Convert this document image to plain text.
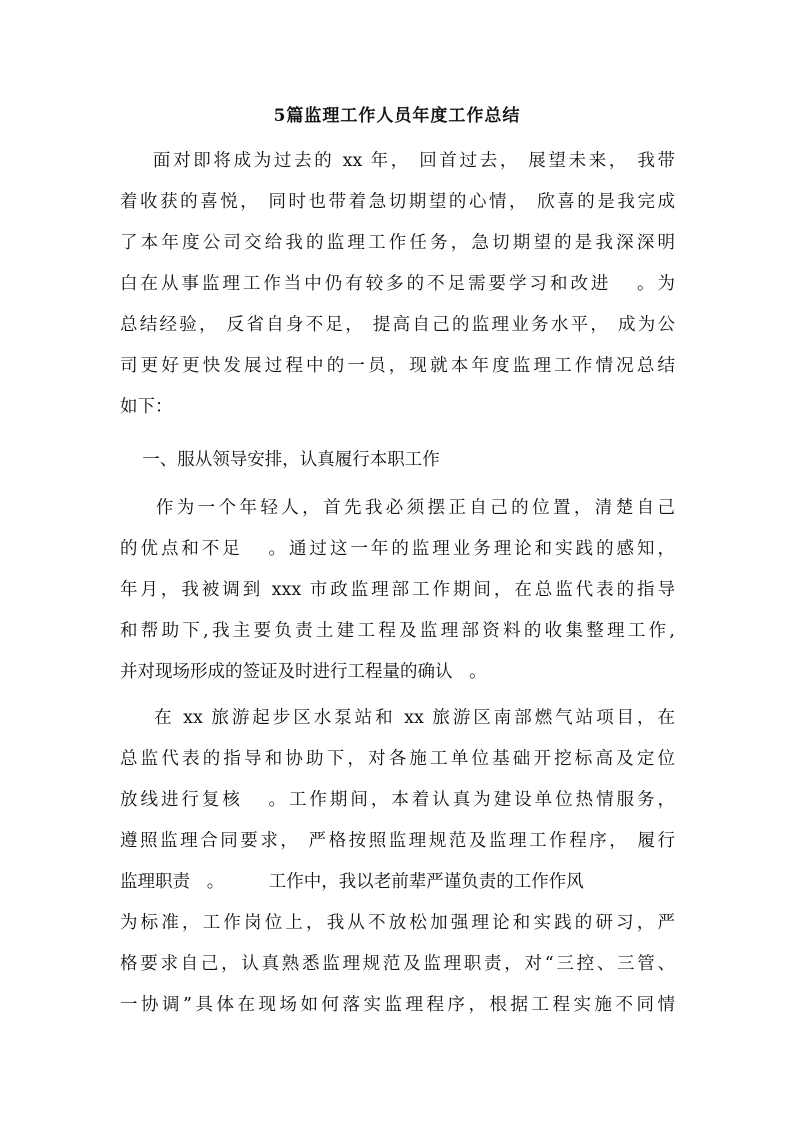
5篇监理工作人员年度工作总结
面对即将成为过去的 xx 年， 回首过去， 展望未来， 我带
着收获的喜悦， 同时也带着急切期望的心情， 欣喜的是我完成
了本年度公司交给我的监理工作任务，急切期望的是我深深明
白在从事监理工作当中仍有较多的不足需要学习和改进   。为
总结经验， 反省自身不足， 提高自己的监理业务水平， 成为公
司更好更快发展过程中的一员，现就本年度监理工作情况总结
如下：
一、服从领导安排，认真履行本职工作
作为一个年轻人，首先我必须摆正自己的位置，清楚自己
的优点和不足   。通过这一年的监理业务理论和实践的感知，
年月，我被调到 xxx 市政监理部工作期间，在总监代表的指导
和帮助下,我主要负责土建工程及监理部资料的收集整理工作,
并对现场形成的签证及时进行工程量的确认   。
在 xx 旅游起步区水泵站和 xx 旅游区南部燃气站项目，在
总监代表的指导和协助下，对各施工单位基础开挖标高及定位
放线进行复核   。工作期间，本着认真为建设单位热情服务，
遵照监理合同要求， 严格按照监理规范及监理工作程序， 履行
监理职责   。        工作中，我以老前辈严谨负责的工作作风
为标准，工作岗位上，我从不放松加强理论和实践的研习，严
格要求自己，认真熟悉监理规范及监理职责，对“三控、三管、
一协调”具体在现场如何落实监理程序，根据工程实施不同情
